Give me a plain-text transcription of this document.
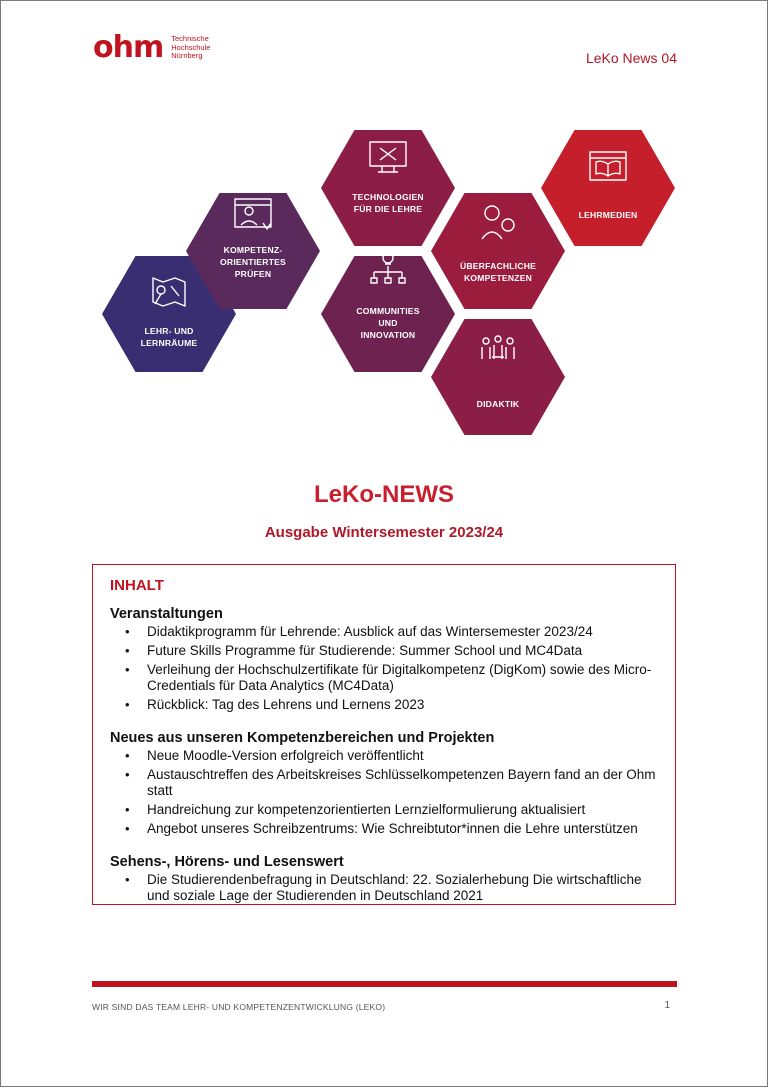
ohm Technische
Hochschule
Nürnberg	LeKo News 04
LEHR- UND
LERNRÄUME
KOMPETENZ-
ORIENTIERTES
PRÜFEN
TECHNOLOGIEN
FÜR DIE LEHRE
COMMUNITIES
UND
INNOVATION
ÜBERFACHLICHE
KOMPETENZEN
DIDAKTIK
LEHRMEDIEN
LeKo-NEWS
Ausgabe Wintersemester 2023/24
INHALT
Veranstaltungen
• Didaktikprogramm für Lehrende: Ausblick auf das Wintersemester 2023/24
• Future Skills Programme für Studierende: Summer School und MC4Data
• Verleihung der Hochschulzertifikate für Digitalkompetenz (DigKom) sowie des Micro-Credentials für Data Analytics (MC4Data)
• Rückblick: Tag des Lehrens und Lernens 2023
Neues aus unseren Kompetenzbereichen und Projekten
• Neue Moodle-Version erfolgreich veröffentlicht
• Austauschtreffen des Arbeitskreises Schlüsselkompetenzen Bayern fand an der Ohm statt
• Handreichung zur kompetenzorientierten Lernzielformulierung aktualisiert
• Angebot unseres Schreibzentrums: Wie Schreibtutor*innen die Lehre unterstützen
Sehens-, Hörens- und Lesenswert
• Die Studierendenbefragung in Deutschland: 22. Sozialerhebung Die wirtschaftliche und soziale Lage der Studierenden in Deutschland 2021
WIR SIND DAS TEAM LEHR- UND KOMPETENZENTWICKLUNG (LEKO)	1
